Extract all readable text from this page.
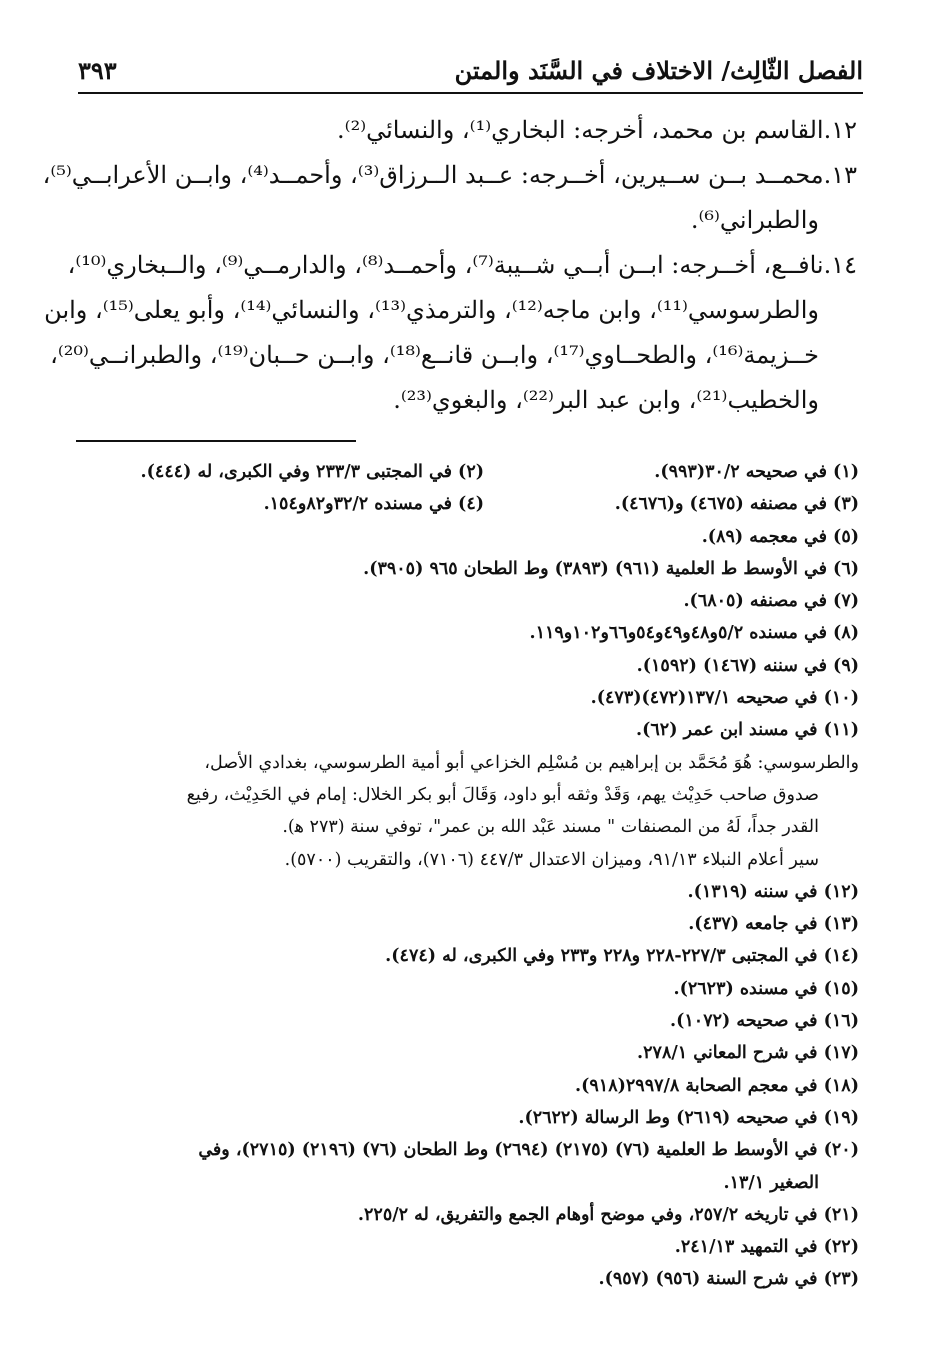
الفصل الثّالِث/ الاختلاف في السَّنَد والمتن
٣٩٣
١٢.القاسم بن محمد، أخرجه: البخاري⁽¹⁾، والنسائي⁽²⁾.
١٣.محمــد بــن ســيرين، أخــرجه: عــبد الــرزاق⁽³⁾، وأحمــد⁽⁴⁾، وابــن الأعرابــي⁽⁵⁾،
والطبراني⁽⁶⁾.
١٤.نافــع، أخــرجه: ابــن أبــي شــيبة⁽⁷⁾، وأحمــد⁽⁸⁾، والدارمــي⁽⁹⁾، والــبخاري⁽¹⁰⁾،
والطرسوسي⁽¹¹⁾، وابن ماجه⁽¹²⁾، والترمذي⁽¹³⁾، والنسائي⁽¹⁴⁾، وأبو يعلى⁽¹⁵⁾، وابن
خــزيمة⁽¹⁶⁾، والطحــاوي⁽¹⁷⁾، وابــن قانــع⁽¹⁸⁾، وابــن حــبان⁽¹⁹⁾، والطبرانــي⁽²⁰⁾،
والخطيب⁽²¹⁾، وابن عبد البر⁽²²⁾، والبغوي⁽²³⁾.
(١) في صحيحه ٣٠/٢(٩٩٣).
(٢) في المجتبى ٢٣٣/٣ وفي الكبرى، له (٤٤٤).
(٣) في مصنفه (٤٦٧٥) و(٤٦٧٦).
(٤) في مسنده ٣٢/٢و٨٢و١٥٤.
(٥) في معجمه (٨٩).
(٦) في الأوسط ط العلمية (٩٦١) (٣٨٩٣) وط الطحان ٩٦٥ (٣٩٠٥).
(٧) في مصنفه (٦٨٠٥).
(٨) في مسنده ٥/٢و٤٨و٤٩و٥٤و٦٦و١٠٢و١١٩.
(٩) في سننه (١٤٦٧) (١٥٩٢).
(١٠) في صحيحه ١٣٧/١(٤٧٢)(٤٧٣).
(١١) في مسند ابن عمر (٦٢).
والطرسوسي: هُوَ مُحَمَّد بن إبراهيم بن مُسْلِم الخزاعي أبو أمية الطرسوسي، بغدادي الأصل،
صدوق صاحب حَدِيْث يهم، وَقَدْ وثقه أبو داود، وَقَالَ أبو بكر الخلال: إمام في الحَدِيْث، رفيع
القدر جداً، لَهُ من المصنفات " مسند عَبْد الله بن عمر"، توفي سنة (٢٧٣ ﻫ).
سير أعلام النبلاء ٩١/١٣، وميزان الاعتدال ٤٤٧/٣ (٧١٠٦)، والتقريب (٥٧٠٠).
(١٢) في سننه (١٣١٩).
(١٣) في جامعه (٤٣٧).
(١٤) في المجتبى ٢٢٧/٣-٢٢٨ و٢٢٨ و٢٣٣ وفي الكبرى، له (٤٧٤).
(١٥) في مسنده (٢٦٢٣).
(١٦) في صحيحه (١٠٧٢).
(١٧) في شرح المعاني ٢٧٨/١.
(١٨) في معجم الصحابة ٢٩٩٧/٨(٩١٨).
(١٩) في صحيحه (٢٦١٩) وط الرسالة (٢٦٢٢).
(٢٠) في الأوسط ط العلمية (٧٦) (٢١٧٥) (٢٦٩٤) وط الطحان (٧٦) (٢١٩٦) (٢٧١٥)، وفي
الصغير ١٣/١.
(٢١) في تاريخه ٢٥٧/٢، وفي موضح أوهام الجمع والتفريق، له ٢٢٥/٢.
(٢٢) في التمهيد ٢٤١/١٣.
(٢٣) في شرح السنة (٩٥٦) (٩٥٧).
